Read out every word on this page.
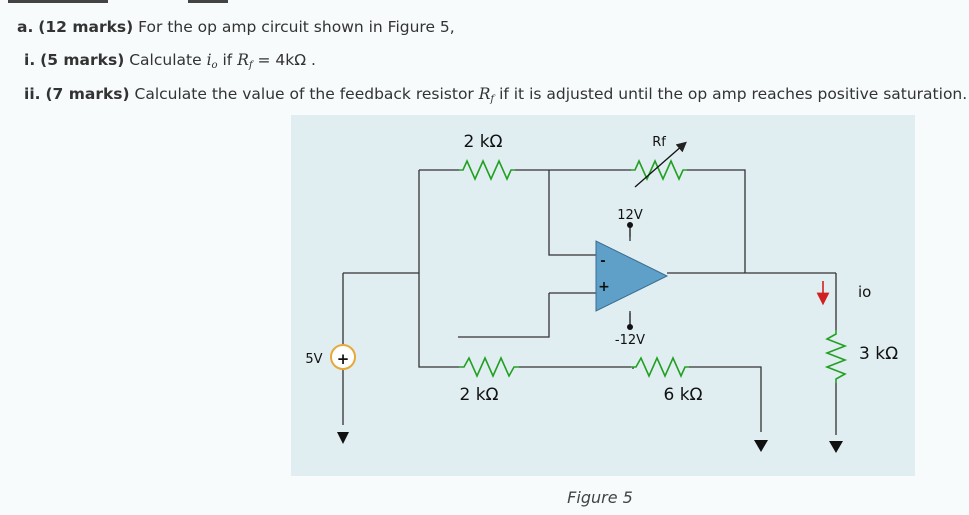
a. (12 marks) For the op amp circuit shown in Figure 5,
i. (5 marks) Calculate $i_o$ if $R_f = 4k\Omega$ .
ii. (7 marks) Calculate the value of the feedback resistor $R_f$ if it is adjusted until the op amp reaches positive saturation.
2 kΩ	Rf
12V
-12V
-
+
5V +
2 kΩ	6 kΩ
io
3 kΩ
Figure 5
